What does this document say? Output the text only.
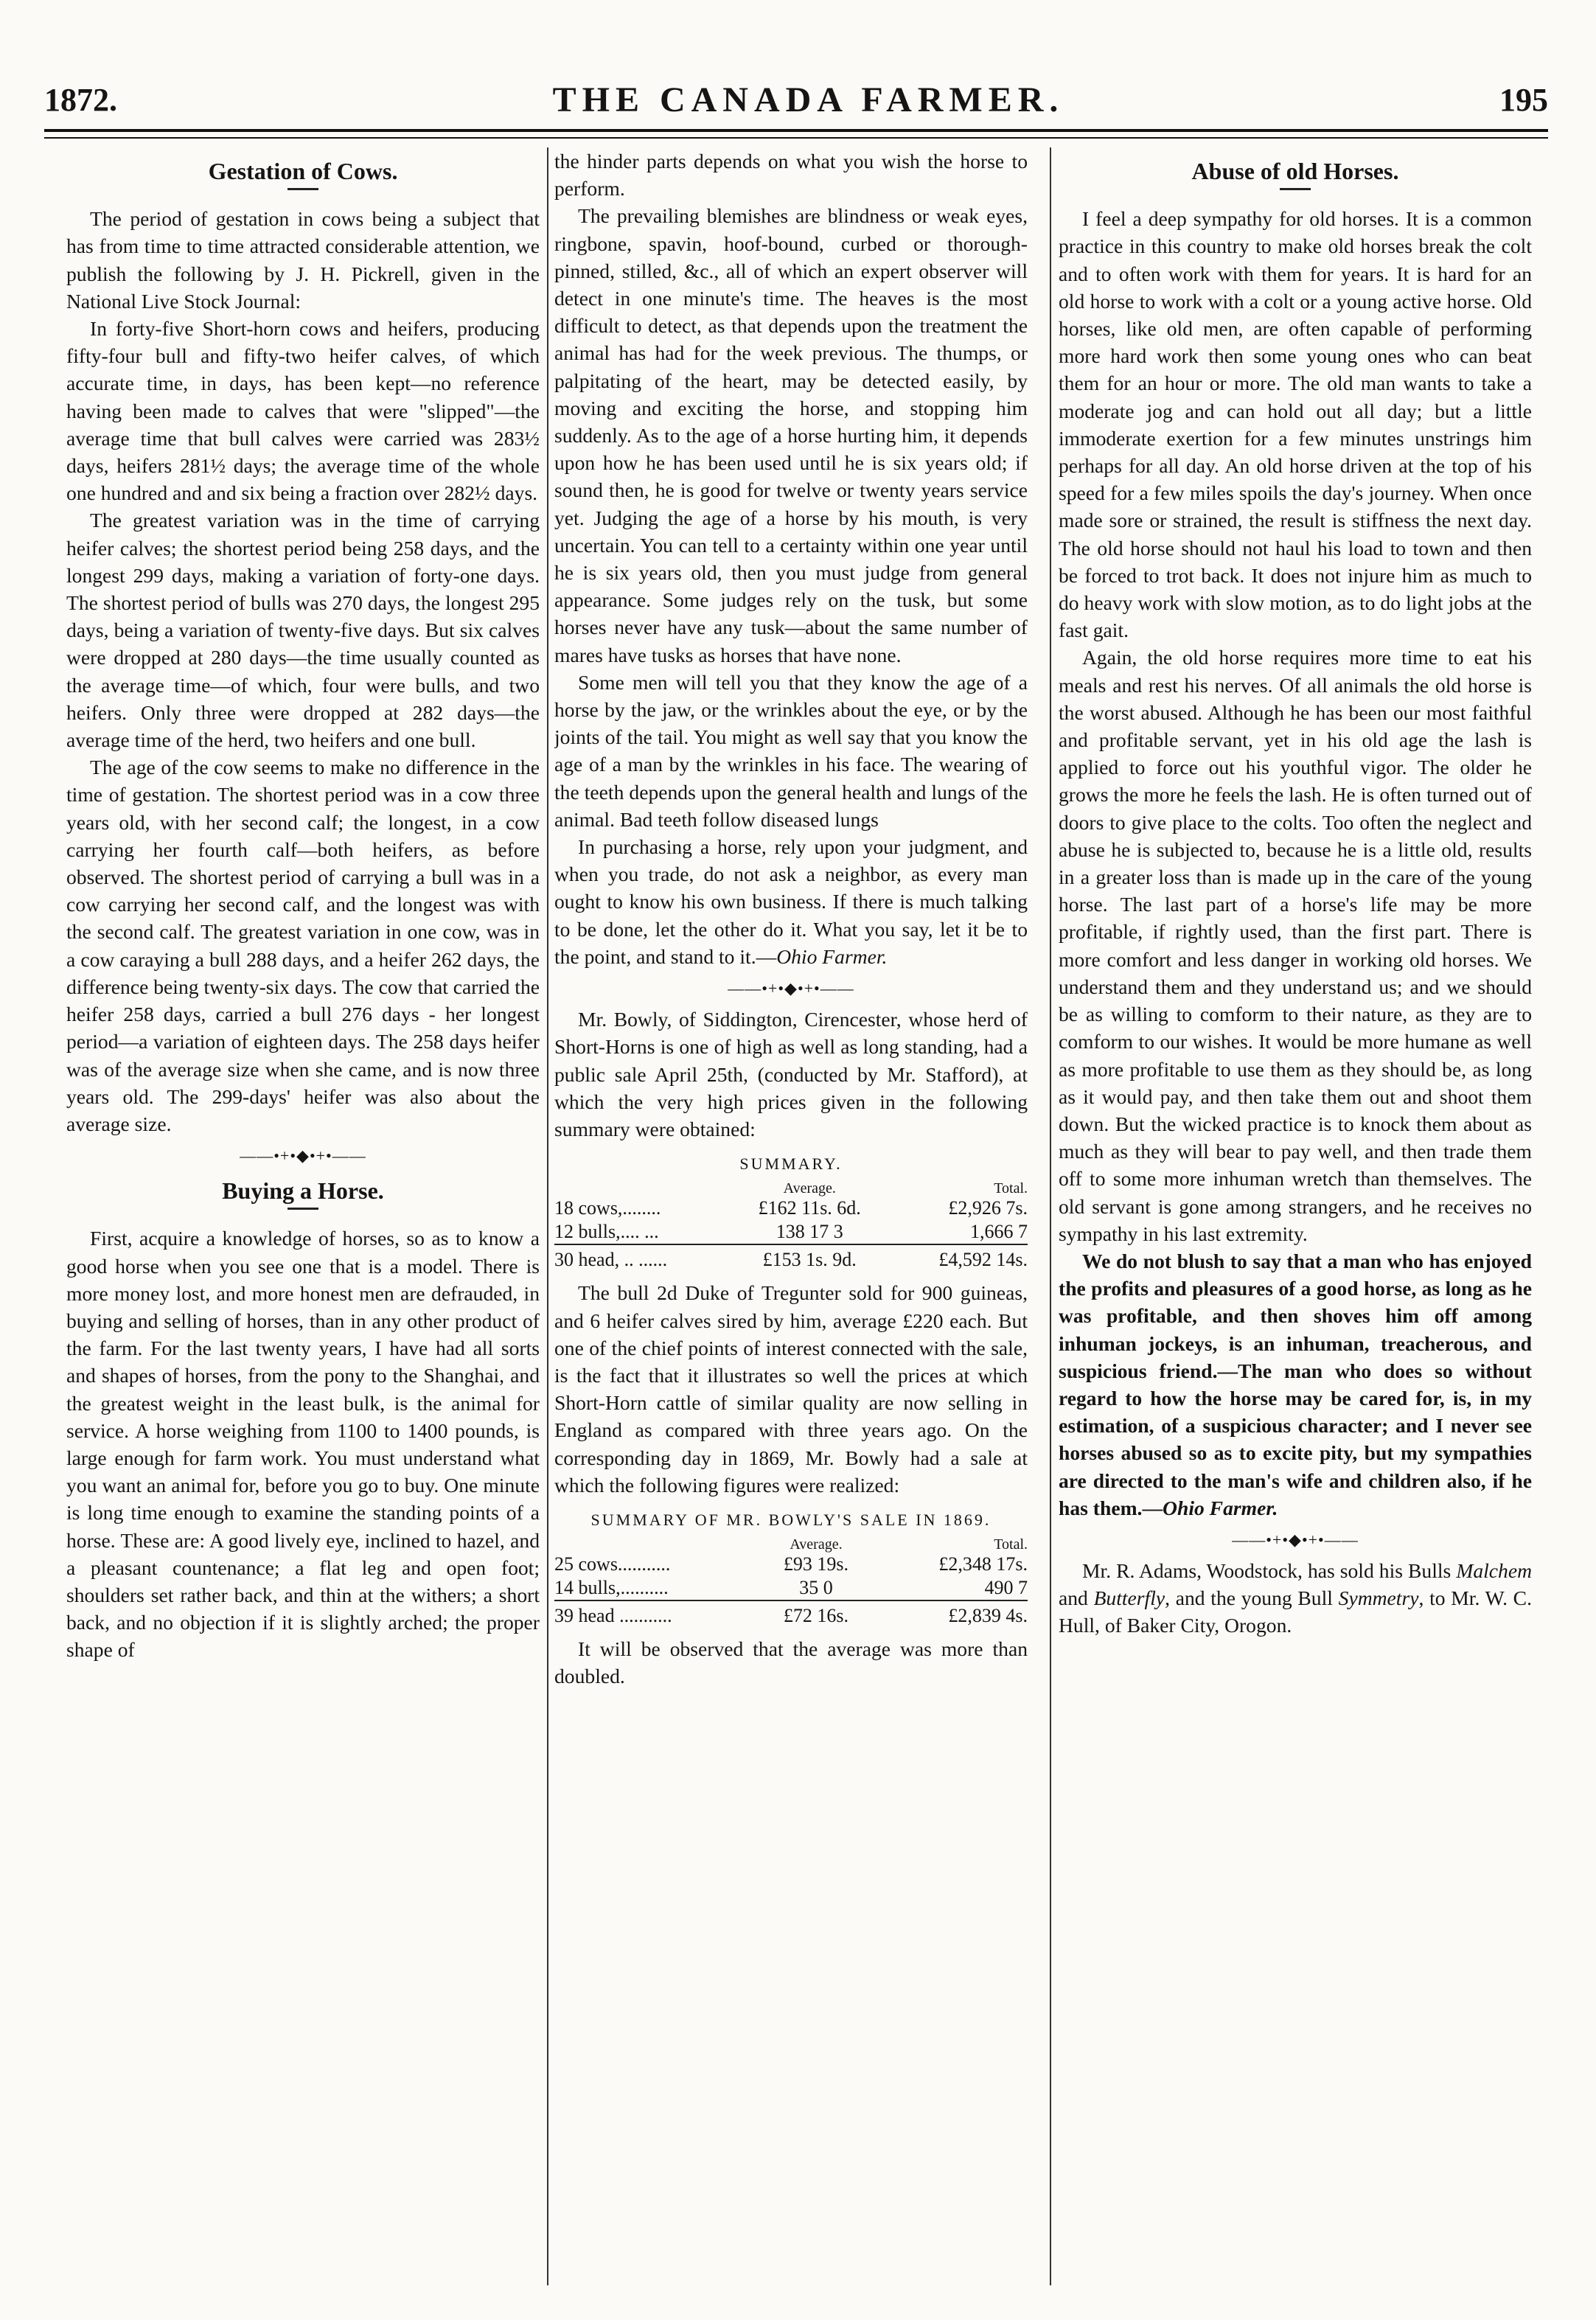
1872.	THE CANADA FARMER.	195
Gestation of Cows.

The period of gestation in cows being a subject that has from time to time attracted considerable attention, we publish the following by J. H. Pickrell, given in the National Live Stock Journal:

In forty-five Short-horn cows and heifers, producing fifty-four bull and fifty-two heifer calves, of which accurate time, in days, has been kept—no reference having been made to calves that were "slipped"—the average time that bull calves were carried was 283½ days, heifers 281½ days; the average time of the whole one hundred and and six being a fraction over 282½ days.

The greatest variation was in the time of carrying heifer calves; the shortest period being 258 days, and the longest 299 days, making a variation of forty-one days. The shortest period of bulls was 270 days, the longest 295 days, being a variation of twenty-five days. But six calves were dropped at 280 days—the time usually counted as the average time—of which, four were bulls, and two heifers. Only three were dropped at 282 days—the average time of the herd, two heifers and one bull.

The age of the cow seems to make no difference in the time of gestation. The shortest period was in a cow three years old, with her second calf; the longest, in a cow carrying her fourth calf—both heifers, as before observed. The shortest period of carrying a bull was in a cow carrying her second calf, and the longest was with the second calf. The greatest variation in one cow, was in a cow caraying a bull 288 days, and a heifer 262 days, the difference being twenty-six days. The cow that carried the heifer 258 days, carried a bull 276 days - her longest period—a variation of eighteen days. The 258 days heifer was of the average size when she came, and is now three years old. The 299-days' heifer was also about the average size.

——•+•◆•+•——
Buying a Horse.

First, acquire a knowledge of horses, so as to know a good horse when you see one that is a model. There is more money lost, and more honest men are defrauded, in buying and selling of horses, than in any other product of the farm. For the last twenty years, I have had all sorts and shapes of horses, from the pony to the Shanghai, and the greatest weight in the least bulk, is the animal for service. A horse weighing from 1100 to 1400 pounds, is large enough for farm work. You must understand what you want an animal for, before you go to buy. One minute is long time enough to examine the standing points of a horse. These are: A good lively eye, inclined to hazel, and a pleasant countenance; a flat leg and open foot; shoulders set rather back, and thin at the withers; a short back, and no objection if it is slightly arched; the proper shape of

the hinder parts depends on what you wish the horse to perform.

The prevailing blemishes are blindness or weak eyes, ringbone, spavin, hoof-bound, curbed or thorough-pinned, stilled, &c., all of which an expert observer will detect in one minute's time. The heaves is the most difficult to detect, as that depends upon the treatment the animal has had for the week previous. The thumps, or palpitating of the heart, may be detected easily, by moving and exciting the horse, and stopping him suddenly. As to the age of a horse hurting him, it depends upon how he has been used until he is six years old; if sound then, he is good for twelve or twenty years service yet. Judging the age of a horse by his mouth, is very uncertain. You can tell to a certainty within one year until he is six years old, then you must judge from general appearance. Some judges rely on the tusk, but some horses never have any tusk—about the same number of mares have tusks as horses that have none.

Some men will tell you that they know the age of a horse by the jaw, or the wrinkles about the eye, or by the joints of the tail. You might as well say that you know the age of a man by the wrinkles in his face. The wearing of the teeth depends upon the general health and lungs of the animal. Bad teeth follow diseased lungs

In purchasing a horse, rely upon your judgment, and when you trade, do not ask a neighbor, as every man ought to know his own business. If there is much talking to be done, let the other do it. What you say, let it be to the point, and stand to it.—Ohio Farmer.

——•+•◆•+•——

Mr. Bowly, of Siddington, Cirencester, whose herd of Short-Horns is one of high as well as long standing, had a public sale April 25th, (conducted by Mr. Stafford), at which the very high prices given in the following summary were obtained:

SUMMARY.
	Average.	Total.
18 cows,........	£162 11s. 6d.	£2,926 7s.
12 bulls,.... ...	138 17 3	1,666 7
30 head, .. ......	£153 1s. 9d.	£4,592 14s.

The bull 2d Duke of Tregunter sold for 900 guineas, and 6 heifer calves sired by him, average £220 each. But one of the chief points of interest connected with the sale, is the fact that it illustrates so well the prices at which Short-Horn cattle of similar quality are now selling in England as compared with three years ago. On the corresponding day in 1869, Mr. Bowly had a sale at which the following figures were realized:

SUMMARY OF MR. BOWLY'S SALE IN 1869.
	Average.	Total.
25 cows...........	£93 19s.	£2,348 17s.
14 bulls,..........	35 0	490 7
39 head ...........	£72 16s.	£2,839 4s.

It will be observed that the average was more than doubled.

Abuse of old Horses.

I feel a deep sympathy for old horses. It is a common practice in this country to make old horses break the colt and to often work with them for years. It is hard for an old horse to work with a colt or a young active horse. Old horses, like old men, are often capable of performing more hard work then some young ones who can beat them for an hour or more. The old man wants to take a moderate jog and can hold out all day; but a little immoderate exertion for a few minutes unstrings him perhaps for all day. An old horse driven at the top of his speed for a few miles spoils the day's journey. When once made sore or strained, the result is stiffness the next day. The old horse should not haul his load to town and then be forced to trot back. It does not injure him as much to do heavy work with slow motion, as to do light jobs at the fast gait.

Again, the old horse requires more time to eat his meals and rest his nerves. Of all animals the old horse is the worst abused. Although he has been our most faithful and profitable servant, yet in his old age the lash is applied to force out his youthful vigor. The older he grows the more he feels the lash. He is often turned out of doors to give place to the colts. Too often the neglect and abuse he is subjected to, because he is a little old, results in a greater loss than is made up in the care of the young horse. The last part of a horse's life may be more profitable, if rightly used, than the first part. There is more comfort and less danger in working old horses. We understand them and they understand us; and we should be as willing to comform to their nature, as they are to comform to our wishes. It would be more humane as well as more profitable to use them as they should be, as long as it would pay, and then take them out and shoot them down. But the wicked practice is to knock them about as much as they will bear to pay well, and then trade them off to some more inhuman wretch than themselves. The old servant is gone among strangers, and he receives no sympathy in his last extremity.

We do not blush to say that a man who has enjoyed the profits and pleasures of a good horse, as long as he was profitable, and then shoves him off among inhuman jockeys, is an inhuman, treacherous, and suspicious friend.—The man who does so without regard to how the horse may be cared for, is, in my estimation, of a suspicious character; and I never see horses abused so as to excite pity, but my sympathies are directed to the man's wife and children also, if he has them.—Ohio Farmer.

——•+•◆•+•——

Mr. R. Adams, Woodstock, has sold his Bulls Malchem and Butterfly, and the young Bull Symmetry, to Mr. W. C. Hull, of Baker City, Orogon.
